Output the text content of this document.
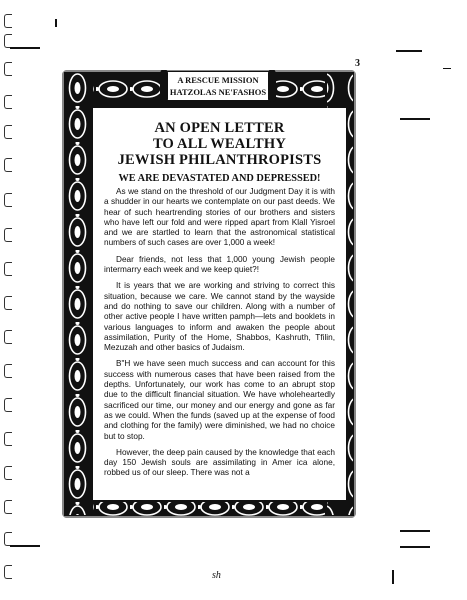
3
A RESCUE MISSION
HATZOLAS NE'FASHOS
AN OPEN LETTER
TO ALL WEALTHY
JEWISH PHILANTHROPISTS
WE ARE DEVASTATED AND DEPRESSED!

As we stand on the threshold of our Judgment Day it is with a shudder in our hearts we contemplate on our past deeds. We hear of such heartrending stories of our brothers and sisters who have left our fold and were ripped apart from Klall Yisroel and we are startled to learn that the astronomical statistical numbers of such cases are over 1,000 a week!

Dear friends, not less that 1,000 young Jewish people intermarry each week and we keep quiet?!

It is years that we are working and striving to correct this situation, because we care. We cannot stand by the wayside and do nothing to save our children. Along with a number of other active people I have written pamph—lets and booklets in various languages to inform and awaken the people about assimilation, Purity of the Home, Shabbos, Kashruth, Tfilin, Mezuzah and other basics of Judaism.

B"H we have seen much success and can account for this success with numerous cases that have been raised from the depths. Unfortunately, our work has come to an abrupt stop due to the difficult financial situation. We have wholeheartedly sacrificed our time, our money and our energy and gone as far as we could. When the funds (saved up at the expense of food and clothing for the family) were diminished, we had no choice but to stop.

However, the deep pain caused by the knowledge that each day 150 Jewish souls are assimilating in Amer ica alone, robbed us of our sleep. There was not a

sh
